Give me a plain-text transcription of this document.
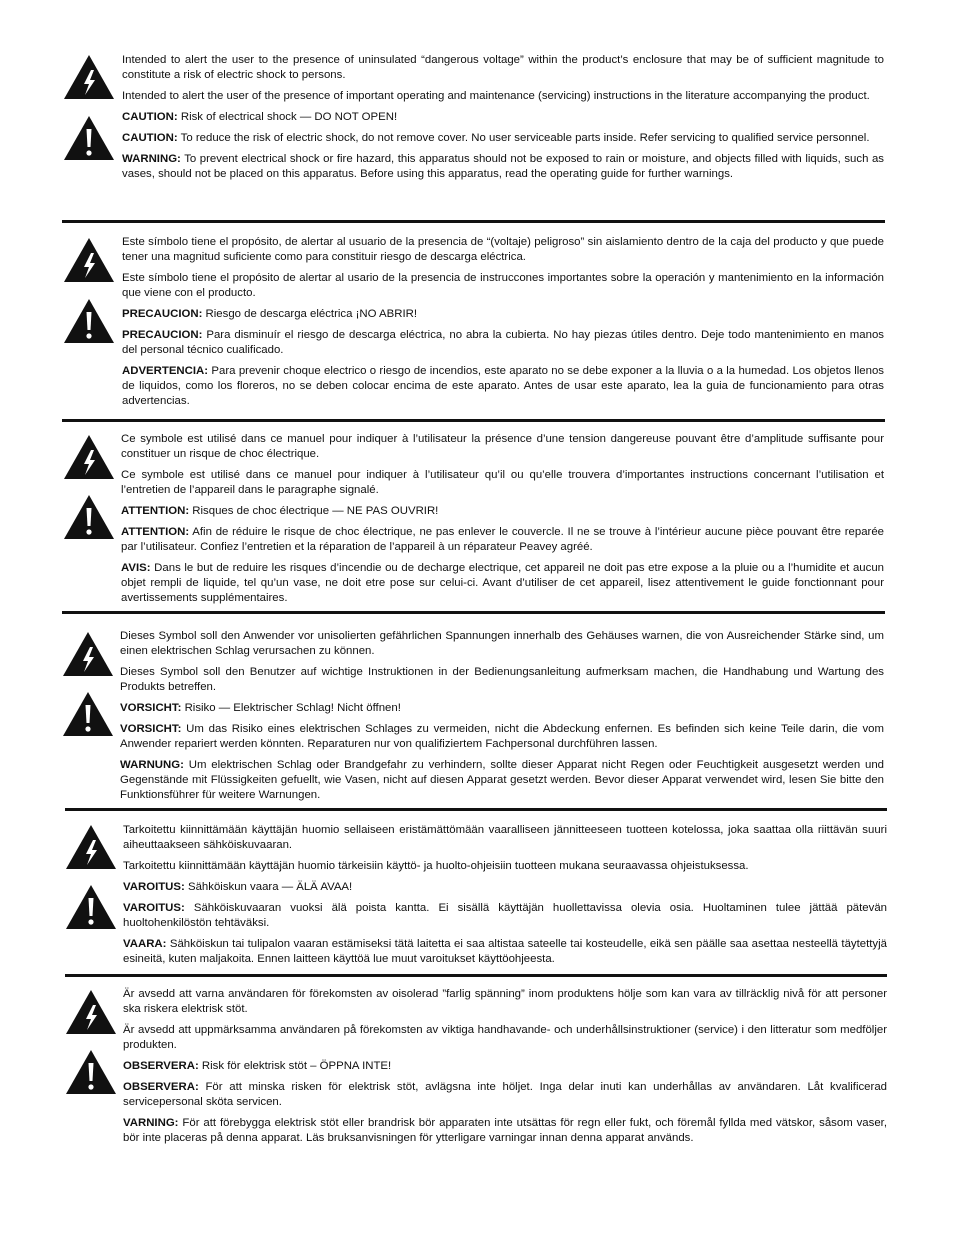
Intended to alert the user to the presence of uninsulated “dangerous voltage” within the product’s enclosure that may be of sufficient magnitude to constitute a risk of electric shock to persons.

Intended to alert the user of the presence of important operating and maintenance (servicing) instructions in the literature accompanying the product.

CAUTION: Risk of electrical shock — DO NOT OPEN!

CAUTION: To reduce the risk of electric shock, do not remove cover. No user serviceable parts inside. Refer servicing to qualified service personnel.

WARNING: To prevent electrical shock or fire hazard, this apparatus should not be exposed to rain or moisture, and objects filled with liquids, such as vases, should not be placed on this apparatus. Before using this apparatus, read the operating guide for further warnings.

Este símbolo tiene el propósito, de alertar al usuario de la presencia de “(voltaje) peligroso” sin aislamiento dentro de la caja del producto y que puede tener una magnitud suficiente como para constituir riesgo de descarga eléctrica.

Este símbolo tiene el propósito de alertar al usario de la presencia de instruccones importantes sobre la operación y mantenimiento en la información que viene con el producto.

PRECAUCION: Riesgo de descarga eléctrica ¡NO ABRIR!

PRECAUCION: Para disminuír el riesgo de descarga eléctrica, no abra la cubierta. No hay piezas útiles dentro. Deje todo mantenimiento en manos del personal técnico cualificado.

ADVERTENCIA: Para prevenir choque electrico o riesgo de incendios, este aparato no se debe exponer a la lluvia o a la humedad. Los objetos llenos de liquidos, como los floreros, no se deben colocar encima de este aparato. Antes de usar este aparato, lea la guia de funcionamiento para otras advertencias.

Ce symbole est utilisé dans ce manuel pour indiquer à l’utilisateur la présence d’une tension dangereuse pouvant être d’amplitude suffisante pour constituer un risque de choc électrique.

Ce symbole est utilisé dans ce manuel pour indiquer à l’utilisateur qu’il ou qu’elle trouvera d’importantes instructions concernant l’utilisation et l’entretien de l’appareil dans le paragraphe signalé.

ATTENTION: Risques de choc électrique — NE PAS OUVRIR!

ATTENTION: Afin de réduire le risque de choc électrique, ne pas enlever le couvercle. Il ne se trouve à l’intérieur aucune pièce pouvant être reparée par l’utilisateur. Confiez l’entretien et la réparation de l’appareil à un réparateur Peavey agréé.

AVIS: Dans le but de reduire les risques d’incendie ou de decharge electrique, cet appareil ne doit pas etre expose a la pluie ou a l’humidite et aucun objet rempli de liquide, tel qu’un vase, ne doit etre pose sur celui-ci. Avant d’utiliser de cet appareil, lisez attentivement le guide fonctionnant pour avertissements supplémentaires.

Dieses Symbol soll den Anwender vor unisolierten gefährlichen Spannungen innerhalb des Gehäuses warnen, die von Ausreichender Stärke sind, um einen elektrischen Schlag verursachen zu können.

Dieses Symbol soll den Benutzer auf wichtige Instruktionen in der Bedienungsanleitung aufmerksam machen, die Handhabung und Wartung des Produkts betreffen.

VORSICHT: Risiko — Elektrischer Schlag! Nicht öffnen!

VORSICHT: Um das Risiko eines elektrischen Schlages zu vermeiden, nicht die Abdeckung enfernen. Es befinden sich keine Teile darin, die vom Anwender repariert werden könnten. Reparaturen nur von qualifiziertem Fachpersonal durchführen lassen.

WARNUNG: Um elektrischen Schlag oder Brandgefahr zu verhindern, sollte dieser Apparat nicht Regen oder Feuchtigkeit ausgesetzt werden und Gegenstände mit Flüssigkeiten gefuellt, wie Vasen, nicht auf diesen Apparat gesetzt werden. Bevor dieser Apparat verwendet wird, lesen Sie bitte den Funktionsführer für weitere Warnungen.

Tarkoitettu kiinnittämään käyttäjän huomio sellaiseen eristämättömään vaaralliseen jännitteeseen tuotteen kotelossa, joka saattaa olla riittävän suuri aiheuttaakseen sähköiskuvaaran.

Tarkoitettu kiinnittämään käyttäjän huomio tärkeisiin käyttö- ja huolto-ohjeisiin tuotteen mukana seuraavassa ohjeistuksessa.

VAROITUS: Sähköiskun vaara — ÄLÄ AVAA!

VAROITUS: Sähköiskuvaaran vuoksi älä poista kantta. Ei sisällä käyttäjän huollettavissa olevia osia. Huoltaminen tulee jättää pätevän huoltohenkilöstön tehtäväksi.

VAARA: Sähköiskun tai tulipalon vaaran estämiseksi tätä laitetta ei saa altistaa sateelle tai kosteudelle, eikä sen päälle saa asettaa nesteellä täytettyjä esineitä, kuten maljakoita. Ennen laitteen käyttöä lue muut varoitukset käyttöohjeesta.

Är avsedd att varna användaren för förekomsten av oisolerad ”farlig spänning” inom produktens hölje som kan vara av tillräcklig nivå för att personer ska riskera elektrisk stöt.

Är avsedd att uppmärksamma användaren på förekomsten av viktiga handhavande- och underhållsinstruktioner (service) i den litteratur som medföljer produkten.

OBSERVERA: Risk för elektrisk stöt – ÖPPNA INTE!

OBSERVERA: För att minska risken för elektrisk stöt, avlägsna inte höljet. Inga delar inuti kan underhållas av användaren. Låt kvalificerad servicepersonal sköta servicen.

VARNING: För att förebygga elektrisk stöt eller brandrisk bör apparaten inte utsättas för regn eller fukt, och föremål fyllda med vätskor, såsom vaser, bör inte placeras på denna apparat. Läs bruksanvisningen för ytterligare varningar innan denna apparat används.
